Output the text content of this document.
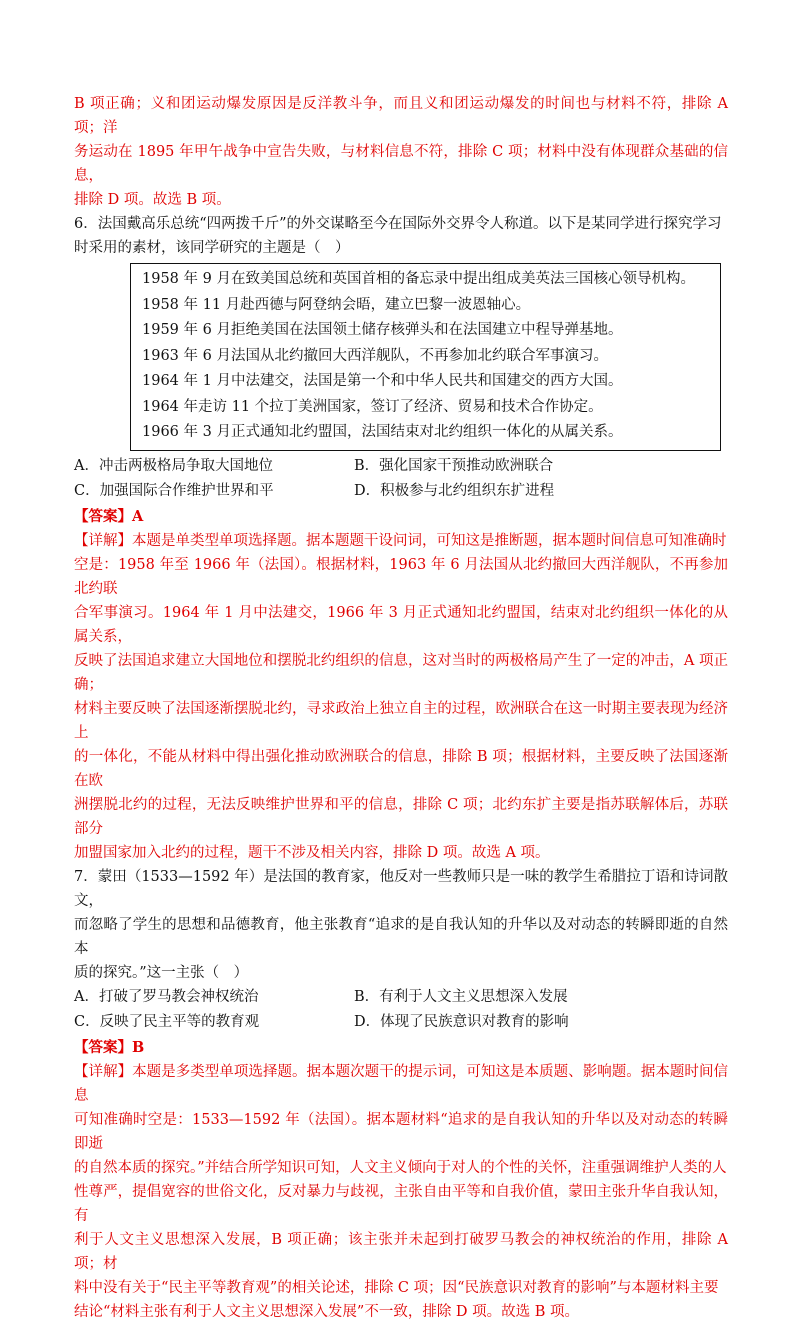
B 项正确；义和团运动爆发原因是反洋教斗争，而且义和团运动爆发的时间也与材料不符，排除 A 项；洋

务运动在 1895 年甲午战争中宣告失败，与材料信息不符，排除 C 项；材料中没有体现群众基础的信息，

排除 D 项。故选 B 项。

6．法国戴高乐总统“四两拨千斤”的外交谋略至今在国际外交界令人称道。以下是某同学进行探究学习

时采用的素材，该同学研究的主题是（　）

1958 年 9 月在致美国总统和英国首相的备忘录中提出组成美英法三国核心领导机构。

1958 年 11 月赴西德与阿登纳会晤，建立巴黎一波恩轴心。

1959 年 6 月拒绝美国在法国领土储存核弹头和在法国建立中程导弹基地。

1963 年 6 月法国从北约撤回大西洋舰队，不再参加北约联合军事演习。

1964 年 1 月中法建交，法国是第一个和中华人民共和国建交的西方大国。

1964 年走访 11 个拉丁美洲国家，签订了经济、贸易和技术合作协定。

1966 年 3 月正式通知北约盟国，法国结束对北约组织一体化的从属关系。

A．冲击两极格局争取大国地位	B．强化国家干预推动欧洲联合

C．加强国际合作维护世界和平	D．积极参与北约组织东扩进程

【答案】A

【详解】本题是单类型单项选择题。据本题题干设问词，可知这是推断题，据本题时间信息可知准确时

空是：1958 年至 1966 年（法国）。根据材料，1963 年 6 月法国从北约撤回大西洋舰队，不再参加北约联

合军事演习。1964 年 1 月中法建交，1966 年 3 月正式通知北约盟国，结束对北约组织一体化的从属关系，

反映了法国追求建立大国地位和摆脱北约组织的信息，这对当时的两极格局产生了一定的冲击，A 项正确；

材料主要反映了法国逐渐摆脱北约，寻求政治上独立自主的过程，欧洲联合在这一时期主要表现为经济上

的一体化，不能从材料中得出强化推动欧洲联合的信息，排除 B 项；根据材料，主要反映了法国逐渐在欧

洲摆脱北约的过程，无法反映维护世界和平的信息，排除 C 项；北约东扩主要是指苏联解体后，苏联部分

加盟国家加入北约的过程，题干不涉及相关内容，排除 D 项。故选 A 项。

7．蒙田（1533—1592 年）是法国的教育家，他反对一些教师只是一味的教学生希腊拉丁语和诗词散文，

而忽略了学生的思想和品德教育，他主张教育“追求的是自我认知的升华以及对动态的转瞬即逝的自然本

质的探究。”这一主张（　）

A．打破了罗马教会神权统治	B．有利于人文主义思想深入发展

C．反映了民主平等的教育观	D．体现了民族意识对教育的影响

【答案】B

【详解】本题是多类型单项选择题。据本题次题干的提示词，可知这是本质题、影响题。据本题时间信息

可知准确时空是：1533—1592 年（法国）。据本题材料“追求的是自我认知的升华以及对动态的转瞬即逝

的自然本质的探究。”并结合所学知识可知，人文主义倾向于对人的个性的关怀，注重强调维护人类的人

性尊严，提倡宽容的世俗文化，反对暴力与歧视，主张自由平等和自我价值，蒙田主张升华自我认知，有

利于人文主义思想深入发展，B 项正确；该主张并未起到打破罗马教会的神权统治的作用，排除 A 项；材

料中没有关于“民主平等教育观”的相关论述，排除 C 项；因“民族意识对教育的影响”与本题材料主要

结论“材料主张有利于人文主义思想深入发展”不一致，排除 D 项。故选 B 项。
